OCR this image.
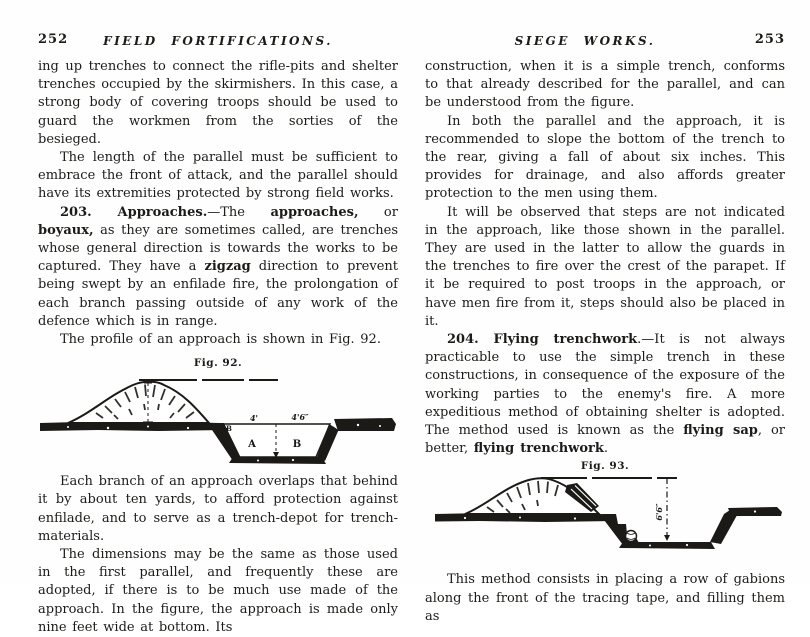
252	FIELD FORTIFICATIONS.

ing up trenches to connect the rifle-pits and shelter trenches occupied by the skirmishers. In this case, a strong body of covering troops should be used to guard the workmen from the sorties of the besieged.

The length of the parallel must be sufficient to embrace the front of attack, and the parallel should have its extremities protected by strong field works.

203. Approaches.—The approaches, or boyaux, as they are sometimes called, are trenches whose general direction is towards the works to be captured. They have a zigzag direction to prevent being swept by an enfilade fire, the prolongation of each branch passing outside of any work of the defence which is in range.

The profile of an approach is shown in Fig. 92.

Fig. 92.
A	B
4'	4'6″
B

Each branch of an approach overlaps that behind it by about ten yards, to afford protection against enfilade, and to serve as a trench-depot for trench-materials.

The dimensions may be the same as those used in the first parallel, and frequently these are adopted, if there is to be much use made of the approach. In the figure, the approach is made only nine feet wide at bottom. Its

SIEGE WORKS.	253

construction, when it is a simple trench, conforms to that already described for the parallel, and can be understood from the figure.

In both the parallel and the approach, it is recommended to slope the bottom of the trench to the rear, giving a fall of about six inches. This provides for drainage, and also affords greater protection to the men using them.

It will be observed that steps are not indicated in the approach, like those shown in the parallel. They are used in the latter to allow the guards in the trenches to fire over the crest of the parapet. If it be required to post troops in the approach, or have men fire from it, steps should also be placed in it.

204. Flying trenchwork.—It is not always practicable to use the simple trench in these constructions, in consequence of the exposure of the working parties to the enemy's fire. A more expeditious method of obtaining shelter is adopted. The method used is known as the flying sap, or better, flying trenchwork.

Fig. 93.
6'6″

This method consists in placing a row of gabions along the front of the tracing tape, and filling them as
